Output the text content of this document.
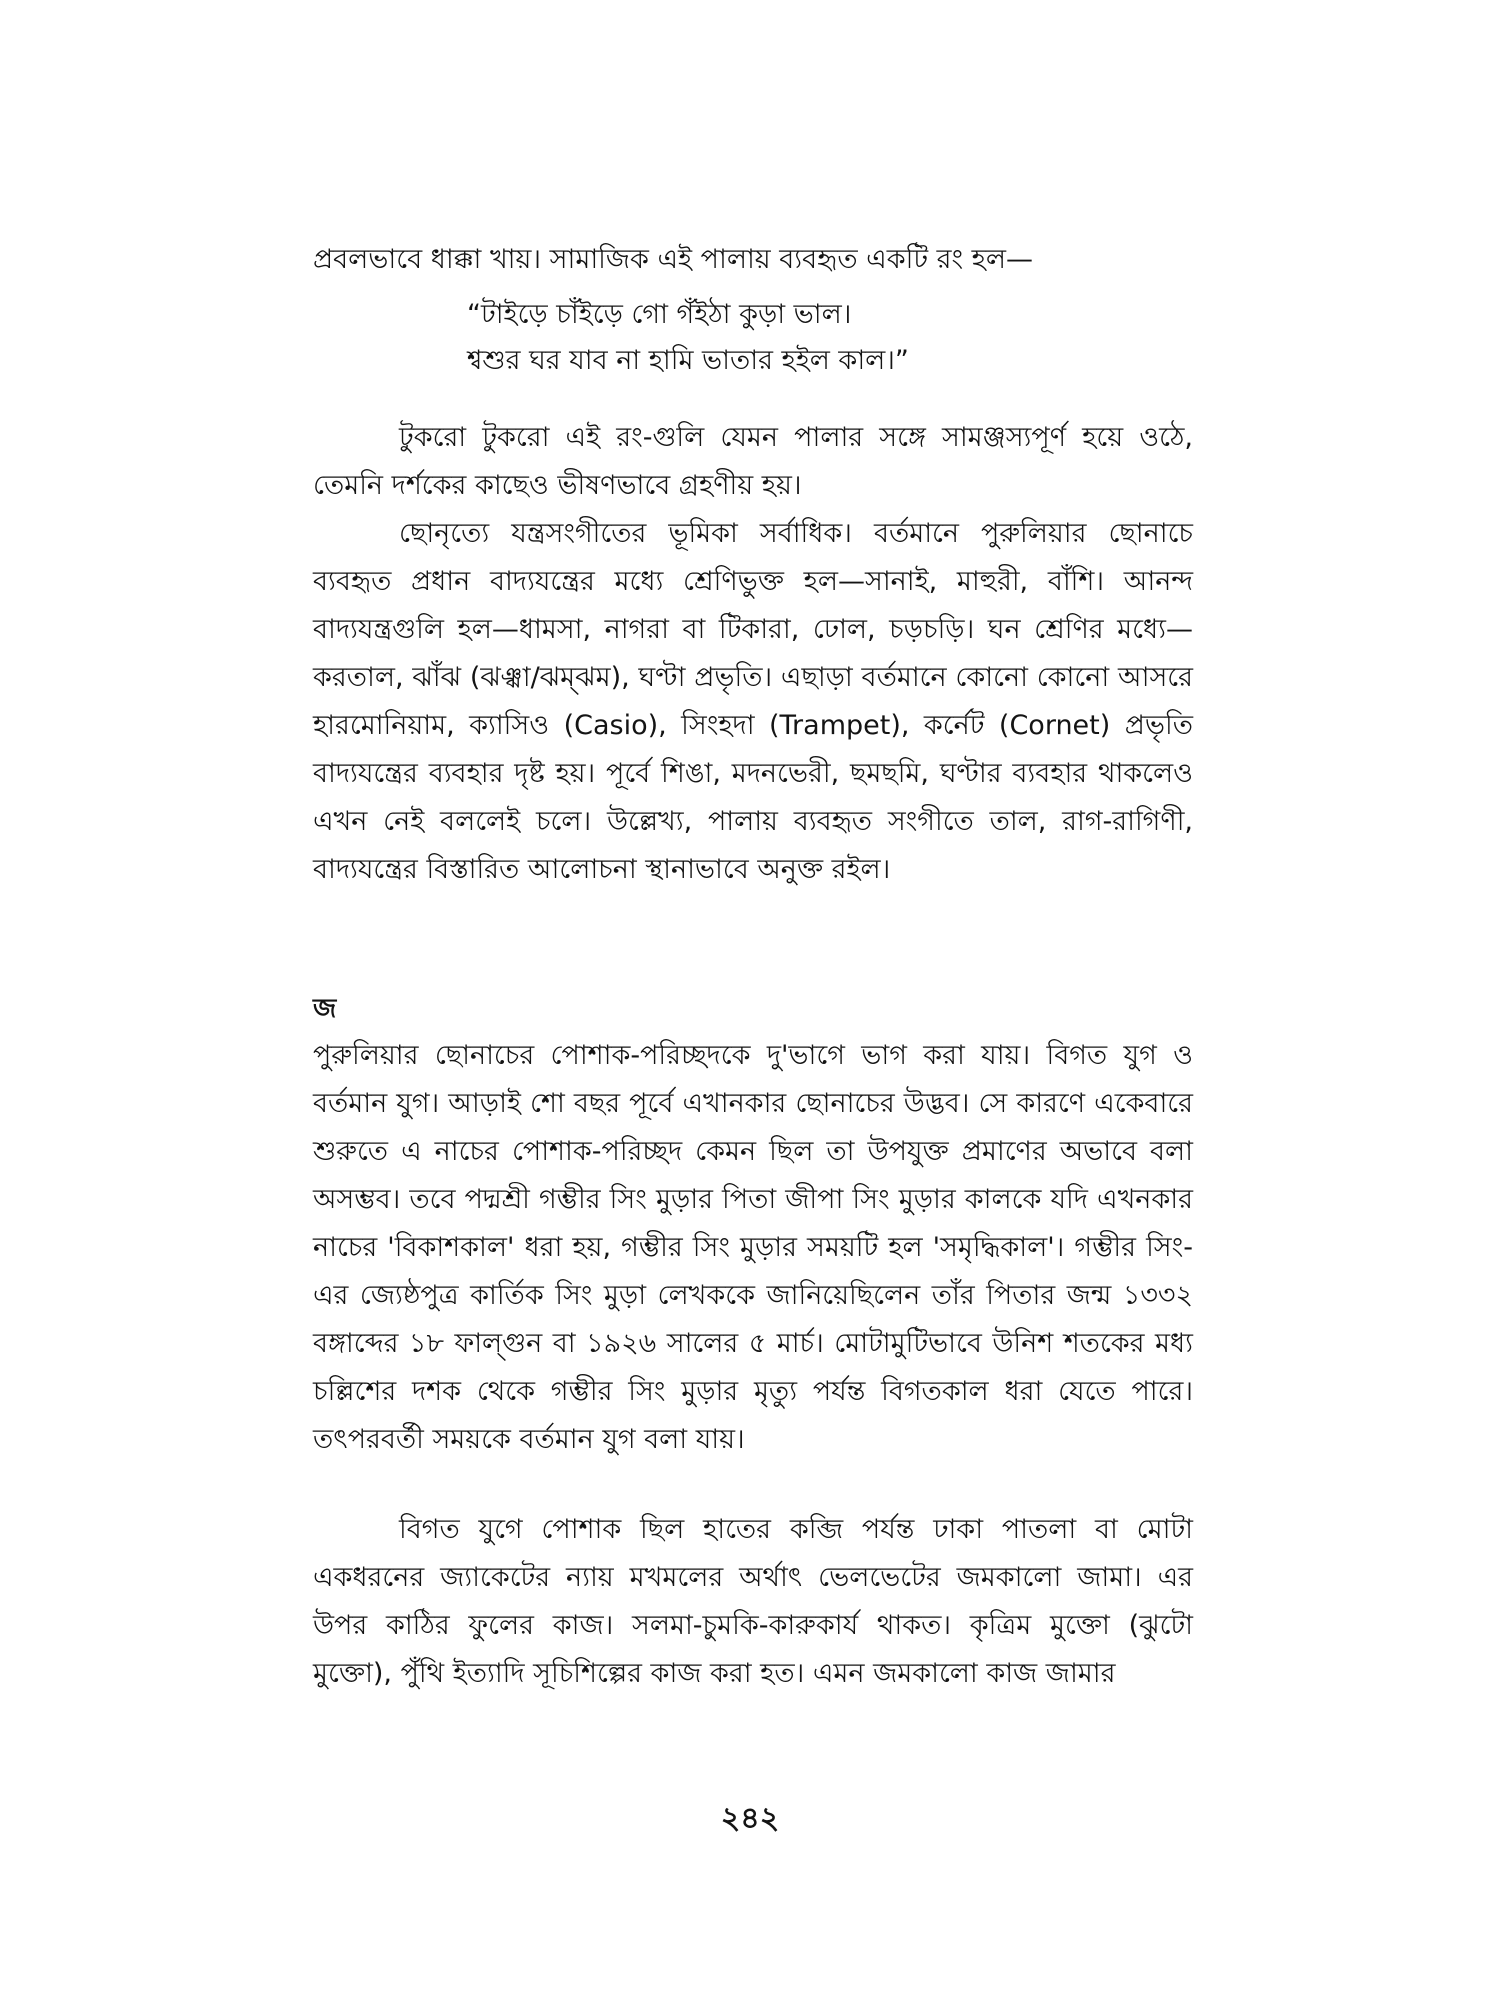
প্রবলভাবে ধাক্কা খায়। সামাজিক এই পালায় ব্যবহৃত একটি রং হল—

“টাইড়ে চাঁইড়ে গো গঁইঠা কুড়া ভাল।
শ্বশুর ঘর যাব না হামি ভাতার হইল কাল।”

টুকরো টুকরো এই রং-গুলি যেমন পালার সঙ্গে সামঞ্জস্যপূর্ণ হয়ে ওঠে, তেমনি দর্শকের কাছেও ভীষণভাবে গ্রহণীয় হয়।

ছোনৃত্যে যন্ত্রসংগীতের ভূমিকা সর্বাধিক। বর্তমানে পুরুলিয়ার ছোনাচে ব্যবহৃত প্রধান বাদ্যযন্ত্রের মধ্যে শ্রেণিভুক্ত হল—সানাই, মাহুরী, বাঁশি। আনন্দ বাদ্যযন্ত্রগুলি হল—ধামসা, নাগরা বা টিকারা, ঢোল, চড়চড়ি। ঘন শ্রেণির মধ্যে—করতাল, ঝাঁঝ (ঝঞ্ঝা/ঝম্‌ঝম), ঘণ্টা প্রভৃতি। এছাড়া বর্তমানে কোনো কোনো আসরে হারমোনিয়াম, ক্যাসিও (Casio), সিংহদা (Trampet), কর্নেট (Cornet) প্রভৃতি বাদ্যযন্ত্রের ব্যবহার দৃষ্ট হয়। পূর্বে শিঙা, মদনভেরী, ছমছমি, ঘণ্টার ব্যবহার থাকলেও এখন নেই বললেই চলে। উল্লেখ্য, পালায় ব্যবহৃত সংগীতে তাল, রাগ-রাগিণী, বাদ্যযন্ত্রের বিস্তারিত আলোচনা স্থানাভাবে অনুক্ত রইল।

জ

পুরুলিয়ার ছোনাচের পোশাক-পরিচ্ছদকে দু'ভাগে ভাগ করা যায়। বিগত যুগ ও বর্তমান যুগ। আড়াই শো বছর পূর্বে এখানকার ছোনাচের উদ্ভব। সে কারণে একেবারে শুরুতে এ নাচের পোশাক-পরিচ্ছদ কেমন ছিল তা উপযুক্ত প্রমাণের অভাবে বলা অসম্ভব। তবে পদ্মশ্রী গম্ভীর সিং মুড়ার পিতা জীপা সিং মুড়ার কালকে যদি এখনকার নাচের 'বিকাশকাল' ধরা হয়, গম্ভীর সিং মুড়ার সময়টি হল 'সমৃদ্ধিকাল'। গম্ভীর সিং-এর জ্যেষ্ঠপুত্র কার্তিক সিং মুড়া লেখককে জানিয়েছিলেন তাঁর পিতার জন্ম ১৩৩২ বঙ্গাব্দের ১৮ ফাল্গুন বা ১৯২৬ সালের ৫ মার্চ। মোটামুটিভাবে উনিশ শতকের মধ্য চল্লিশের দশক থেকে গম্ভীর সিং মুড়ার মৃত্যু পর্যন্ত বিগতকাল ধরা যেতে পারে। তৎপরবর্তী সময়কে বর্তমান যুগ বলা যায়।

বিগত যুগে পোশাক ছিল হাতের কব্জি পর্যন্ত ঢাকা পাতলা বা মোটা একধরনের জ্যাকেটের ন্যায় মখমলের অর্থাৎ ভেলভেটের জমকালো জামা। এর উপর কাঠির ফুলের কাজ। সলমা-চুমকি-কারুকার্য থাকত। কৃত্রিম মুক্তো (ঝুটো মুক্তো), পুঁথি ইত্যাদি সূচিশিল্পের কাজ করা হত। এমন জমকালো কাজ জামার

২৪২
